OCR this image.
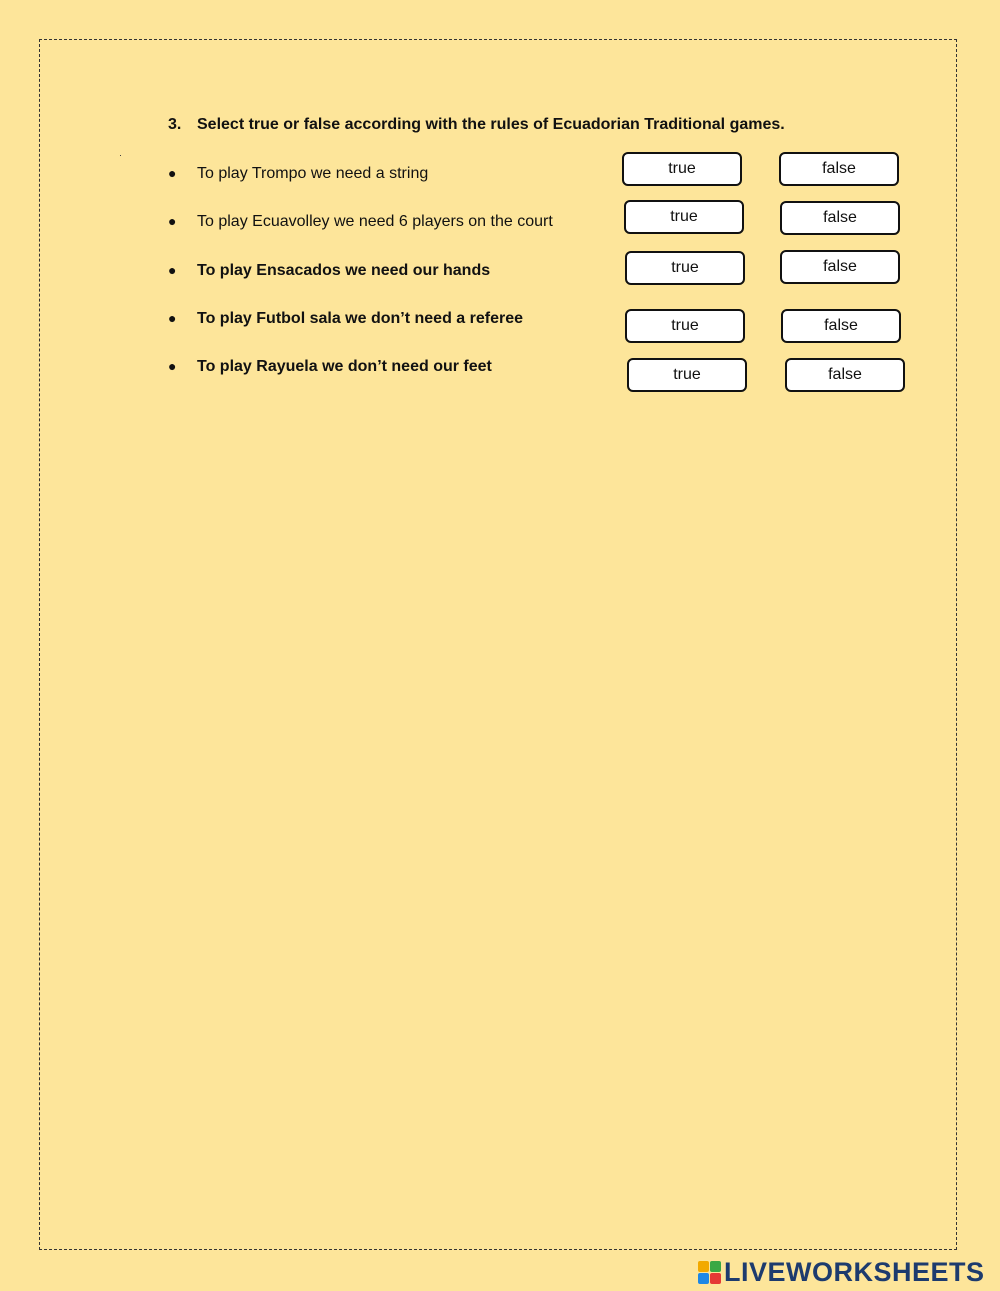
3. Select true or false according with the rules of Ecuadorian Traditional games.
● To play Trompo we need a string	true	false
● To play Ecuavolley we need 6 players on the court	true	false
● To play Ensacados we need our hands	true	false
● To play Futbol sala we don’t need a referee	true	false
● To play Rayuela we don’t need our feet	true	false
LIVEWORKSHEETS
